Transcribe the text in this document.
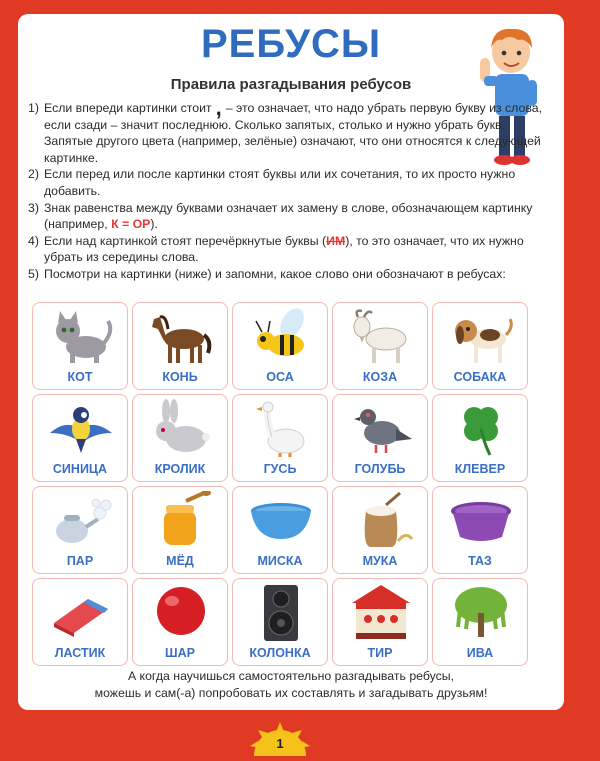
РЕБУСЫ
Правила разгадывания ребусов

1) Если впереди картинки стоит , – это означает, что надо убрать первую букву из слова, если сзади – значит последнюю. Сколько запятых, столько и нужно убрать букв. Запятые другого цвета (например, зелёные) означают, что они относятся к следующей картинке.

2) Если перед или после картинки стоят буквы или их сочетания, то их просто нужно добавить.

3) Знак равенства между буквами означает их замену в слове, обозначающем картинку (например, К = ОР).

4) Если над картинкой стоят перечёркнутые буквы (ИМ), то это означает, что их нужно убрать из середины слова.

5) Посмотри на картинки (ниже) и запомни, какое слово они обозначают в ребусах:

КОТ	КОНЬ	ОСА	КОЗА	СОБАКА
СИНИЦА	КРОЛИК	ГУСЬ	ГОЛУБЬ	КЛЕВЕР
ПАР	МЁД	МИСКА	МУКА	ТАЗ
ЛАСТИК	ШАР	КОЛОНКА	ТИР	ИВА
А когда научишься самостоятельно разгадывать ребусы,
можешь и сам(-а) попробовать их составлять и загадывать друзьям!
1
